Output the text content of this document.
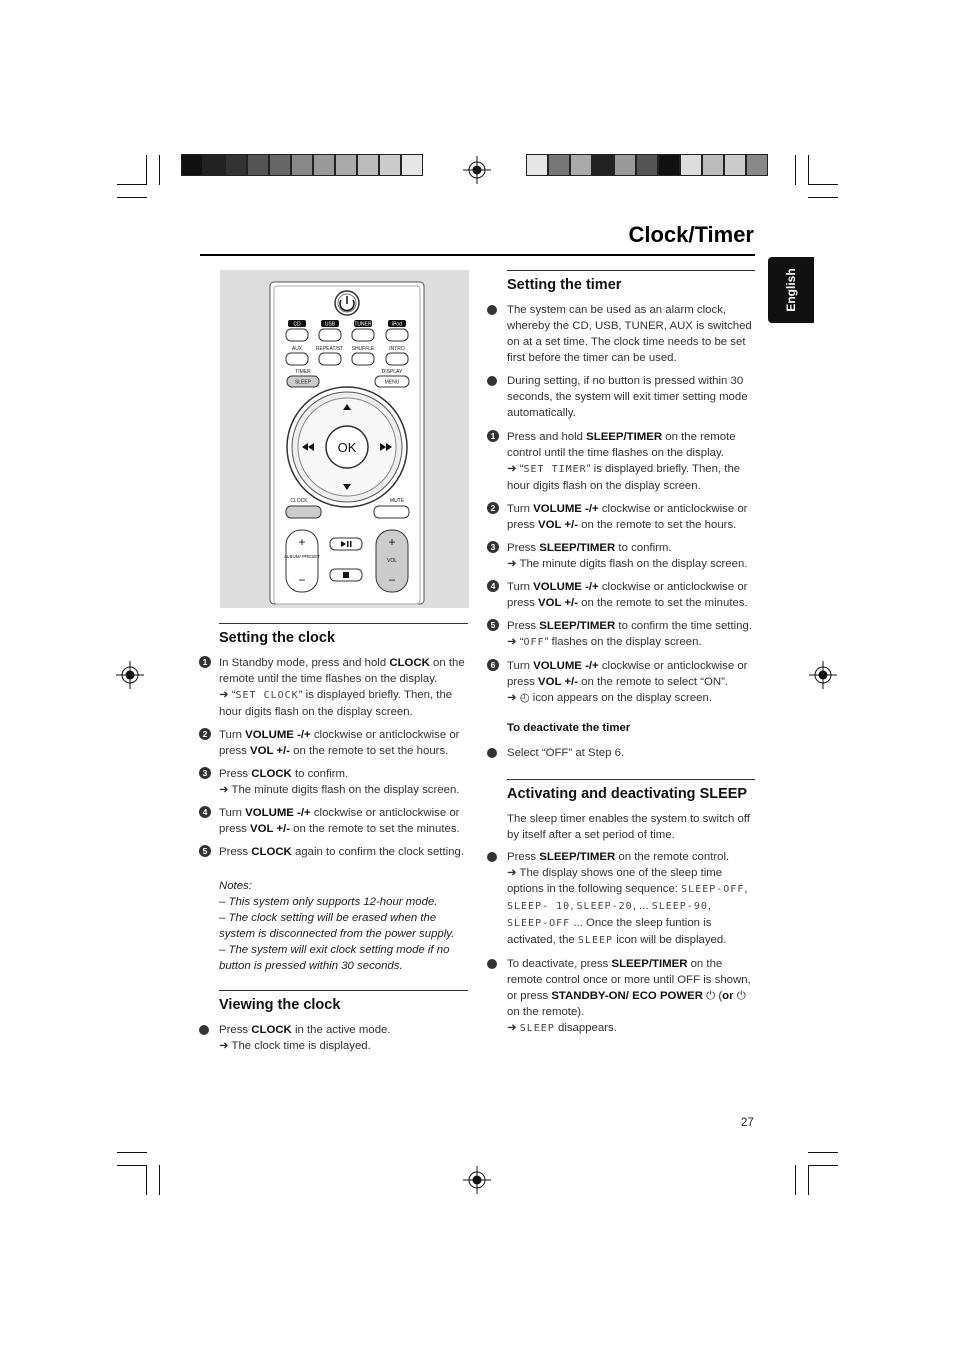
Clock/Timer
English
CD	USB	TUNER	iPod
AUX	REPEAT/ST. SHUFFLE	INTRO
TIMER	DISPLAY
SLEEP	MENU
OK
CLOCK	MUTE
+
ALBUM/ PRESET
−
+
VOL
−
Setting the clock
1	In Standby mode, press and hold CLOCK on the remote until the time flashes on the display.
➜ “SET CLOCK” is displayed briefly. Then, the hour digits flash on the display screen.
2	Turn VOLUME -/+ clockwise or anticlockwise or press VOL +/- on the remote to set the hours.
3	Press CLOCK to confirm.
➜ The minute digits flash on the display screen.
4	Turn VOLUME -/+ clockwise or anticlockwise or press VOL +/- on the remote to set the minutes.
5	Press CLOCK again to confirm the clock setting.
Notes:
– This system only supports 12-hour mode.
– The clock setting will be erased when the system is disconnected from the power supply.
– The system will exit clock setting mode if no button is pressed within 30 seconds.
Viewing the clock
Press CLOCK in the active mode.
➜ The clock time is displayed.
Setting the timer
The system can be used as an alarm clock, whereby the CD, USB, TUNER, AUX is switched on at a set time. The clock time needs to be set first before the timer can be used.
During setting, if no button is pressed within 30 seconds, the system will exit timer setting mode automatically.
1	Press and hold SLEEP/TIMER on the remote control until the time flashes on the display.
➜ “SET TIMER” is displayed briefly. Then, the hour digits flash on the display screen.
2	Turn VOLUME -/+ clockwise or anticlockwise or press VOL +/- on the remote to set the hours.
3	Press SLEEP/TIMER to confirm.
➜ The minute digits flash on the display screen.
4	Turn VOLUME -/+ clockwise or anticlockwise or press VOL +/- on the remote to set the minutes.
5	Press SLEEP/TIMER to confirm the time setting.
➜ “OFF” flashes on the display screen.
6	Turn VOLUME -/+ clockwise or anticlockwise or press VOL +/- on the remote to select “ON”.
➜ ◴ icon appears on the display screen.
To deactivate the timer
Select “OFF” at Step 6.
Activating and deactivating SLEEP
The sleep timer enables the system to switch off by itself after a set period of time.
Press SLEEP/TIMER on the remote control.
➜ The display shows one of the sleep time options in the following sequence: SLEEP-OFF, SLEEP- 10, SLEEP-20, ... SLEEP-90, SLEEP-OFF ... Once the sleep funtion is activated, the SLEEP icon will be displayed.
To deactivate, press SLEEP/TIMER on the remote control once or more until OFF is shown, or press STANDBY-ON/ ECO POWER ⏻ (or ⏻ on the remote).
➜ SLEEP disappears.
27
